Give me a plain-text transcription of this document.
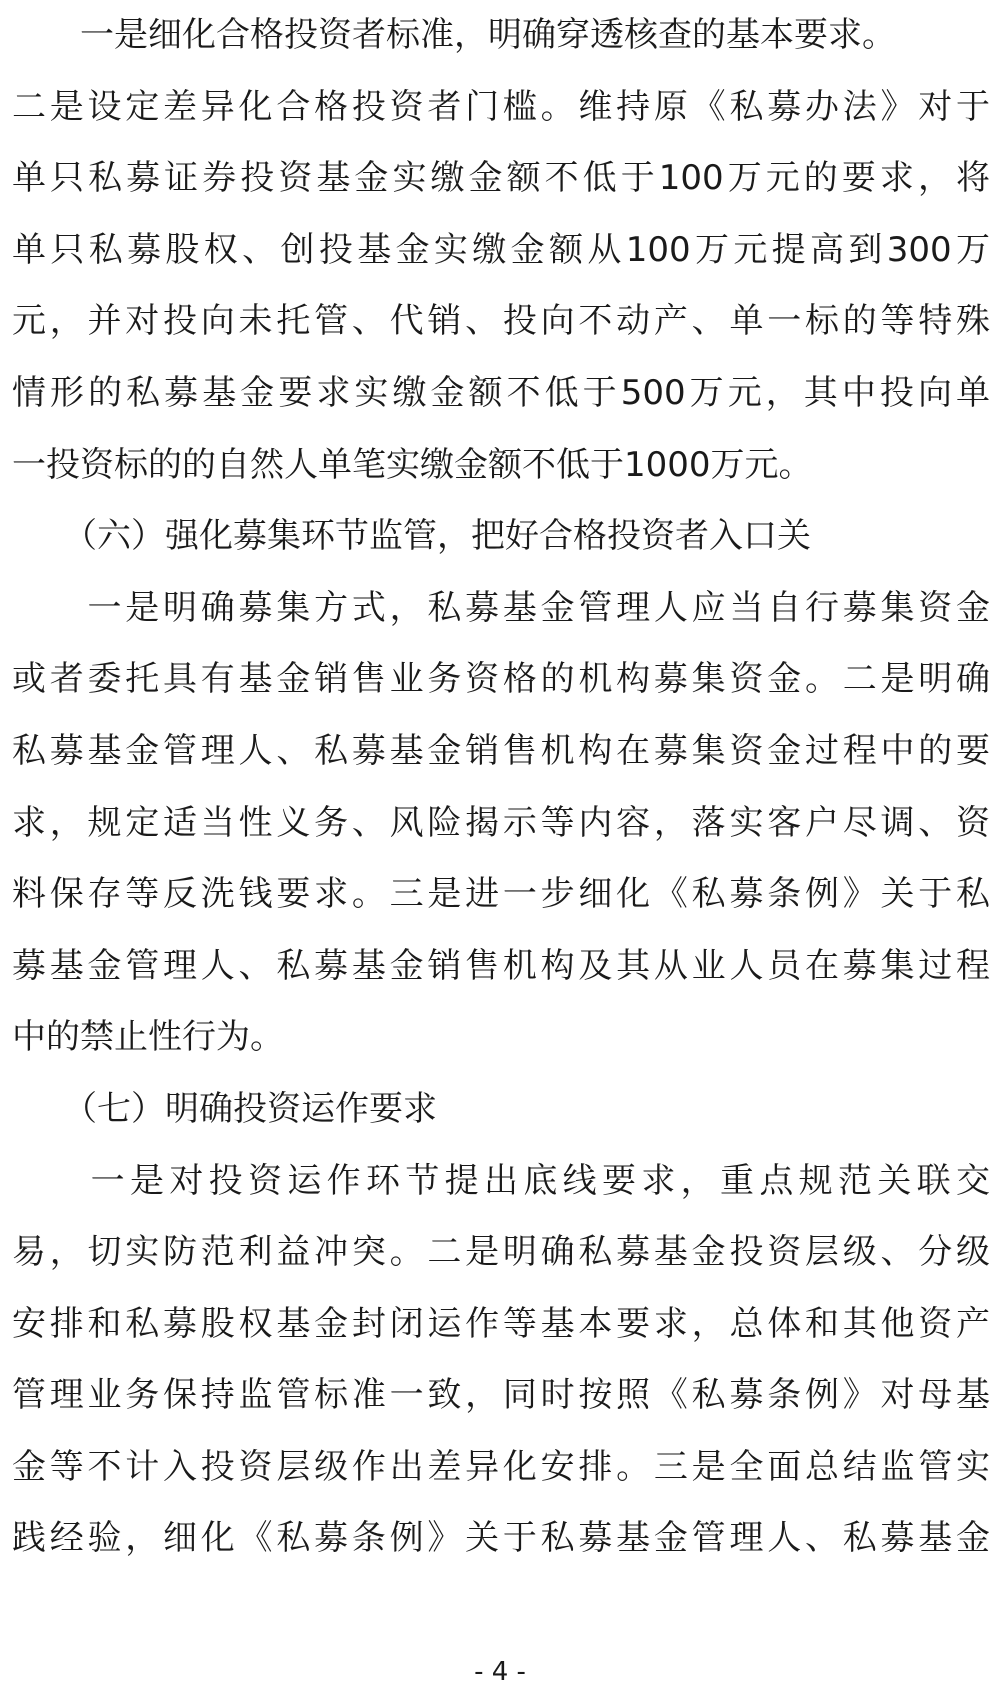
　　一是细化合格投资者标准，明确穿透核查的基本要求。
二是设定差异化合格投资者门槛。维持原《私募办法》对于
单只私募证券投资基金实缴金额不低于100万元的要求，将
单只私募股权、创投基金实缴金额从100万元提高到300万
元，并对投向未托管、代销、投向不动产、单一标的等特殊
情形的私募基金要求实缴金额不低于500万元，其中投向单
一投资标的的自然人单笔实缴金额不低于1000万元。
　　（六）强化募集环节监管，把好合格投资者入口关
　　一是明确募集方式，私募基金管理人应当自行募集资金
或者委托具有基金销售业务资格的机构募集资金。二是明确
私募基金管理人、私募基金销售机构在募集资金过程中的要
求，规定适当性义务、风险揭示等内容，落实客户尽调、资
料保存等反洗钱要求。三是进一步细化《私募条例》关于私
募基金管理人、私募基金销售机构及其从业人员在募集过程
中的禁止性行为。
　　（七）明确投资运作要求
　　一是对投资运作环节提出底线要求，重点规范关联交
易，切实防范利益冲突。二是明确私募基金投资层级、分级
安排和私募股权基金封闭运作等基本要求，总体和其他资产
管理业务保持监管标准一致，同时按照《私募条例》对母基
金等不计入投资层级作出差异化安排。三是全面总结监管实
践经验，细化《私募条例》关于私募基金管理人、私募基金
- 4 -
